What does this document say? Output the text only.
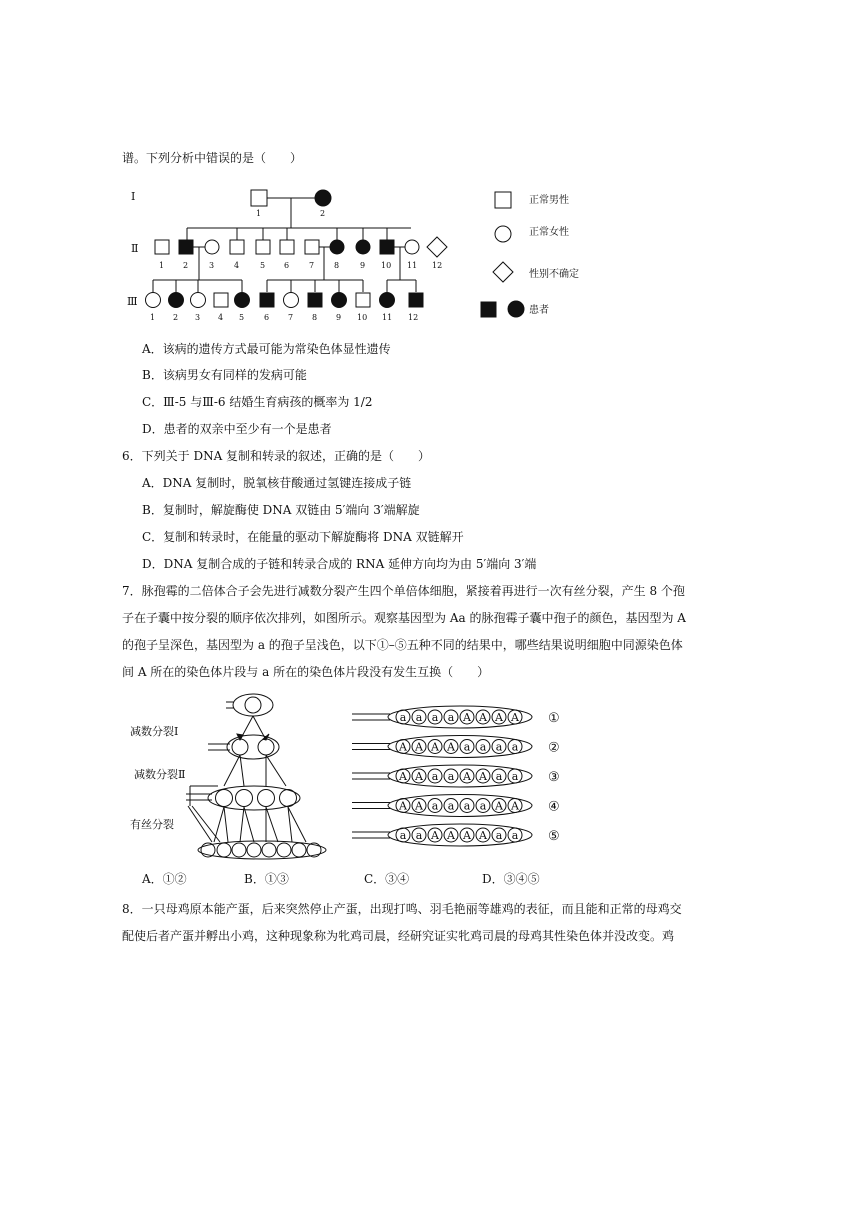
谱。下列分析中错误的是（　　）
Ⅰ
Ⅱ
Ⅲ
1	2
1 2	3 4	5 6 7 8	9 10 11 12
1 2 3 4 5 6 7 8 9 10 11 12
正常男性
正常女性
性别不确定
患者
A．该病的遗传方式最可能为常染色体显性遗传
B．该病男女有同样的发病可能
C．Ⅲ-5 与Ⅲ-6 结婚生育病孩的概率为 1/2
D．患者的双亲中至少有一个是患者
6．下列关于 DNA 复制和转录的叙述，正确的是（　　）
A．DNA 复制时，脱氧核苷酸通过氢键连接成子链
B．复制时，解旋酶使 DNA 双链由 5′端向 3′端解旋
C．复制和转录时，在能量的驱动下解旋酶将 DNA 双链解开
D．DNA 复制合成的子链和转录合成的 RNA 延伸方向均为由 5′端向 3′端
7．脉孢霉的二倍体合子会先进行减数分裂产生四个单倍体细胞，紧接着再进行一次有丝分裂，产生 8 个孢
子在子囊中按分裂的顺序依次排列，如图所示。观察基因型为 Aa 的脉孢霉子囊中孢子的颜色，基因型为 A
的孢子呈深色，基因型为 a 的孢子呈浅色，以下①–⑤五种不同的结果中，哪些结果说明细胞中同源染色体
间 A 所在的染色体片段与 a 所在的染色体片段没有发生互换（　　）
减数分裂Ⅰ
减数分裂Ⅱ
有丝分裂
a a a a A A A A ①
A A A A a a a a ②
A A a a A A a a ③
A A a a a a A A ④
a a A A A A a a ⑤
A．①②	B．①③	C．③④	D．③④⑤
8．一只母鸡原本能产蛋，后来突然停止产蛋，出现打鸣、羽毛艳丽等雄鸡的表征，而且能和正常的母鸡交
配使后者产蛋并孵出小鸡，这种现象称为牝鸡司晨，经研究证实牝鸡司晨的母鸡其性染色体并没改变。鸡
